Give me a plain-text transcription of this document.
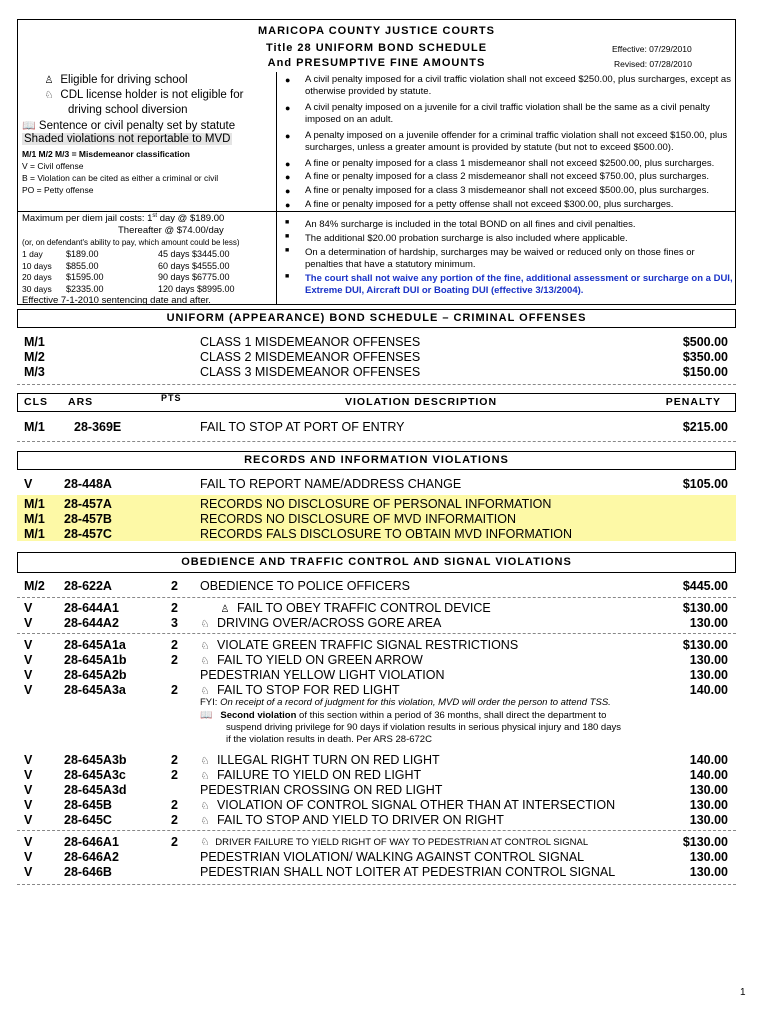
MARICOPA COUNTY JUSTICE COURTS
Title 28 UNIFORM BOND SCHEDULE
And PRESUMPTIVE FINE AMOUNTS
Effective: 07/29/2010
Revised: 07/28/2010
♙ Eligible for driving school
♘ CDL license holder is not eligible for
driving school diversion
📖 Sentence or civil penalty set by statute
Shaded violations not reportable to MVD
M/1 M/2 M/3 = Misdemeanor classification
V = Civil offense
B = Violation can be cited as either a criminal or civil
PO = Petty offense
Maximum per diem jail costs: 1st day @ $189.00
Thereafter @ $74.00/day
(or, on defendant's ability to pay, which amount could be less)
1 day	$189.00	45 days $3445.00
10 days $855.00	60 days $4555.00
20 days $1595.00	90 days $6775.00
30 days $2335.00	120 days $8995.00
Effective 7-1-2010 sentencing date and after.
● A civil penalty imposed for a civil traffic violation shall not exceed $250.00, plus surcharges, except as otherwise provided by statute.
● A civil penalty imposed on a juvenile for a civil traffic violation shall be the same as a civil penalty imposed on an adult.
● A penalty imposed on a juvenile offender for a criminal traffic violation shall not exceed $150.00, plus surcharges, unless a greater amount is provided by statute (but not to exceed $500.00).
● A fine or penalty imposed for a class 1 misdemeanor shall not exceed $2500.00, plus surcharges.
● A fine or penalty imposed for a class 2 misdemeanor shall not exceed $750.00, plus surcharges.
● A fine or penalty imposed for a class 3 misdemeanor shall not exceed $500.00, plus surcharges.
● A fine or penalty imposed for a petty offense shall not exceed $300.00, plus surcharges.
■ An 84% surcharge is included in the total BOND on all fines and civil penalties.
■ The additional $20.00 probation surcharge is also included where applicable.
■ On a determination of hardship, surcharges may be waived or reduced only on those fines or penalties that have a statutory minimum.
■ The court shall not waive any portion of the fine, additional assessment or surcharge on a DUI, Extreme DUI, Aircraft DUI or Boating DUI (effective 3/13/2004).
UNIFORM (APPEARANCE) BOND SCHEDULE – CRIMINAL OFFENSES
M/1	CLASS 1 MISDEMEANOR OFFENSES	$500.00
M/2	CLASS 2 MISDEMEANOR OFFENSES	$350.00
M/3	CLASS 3 MISDEMEANOR OFFENSES	$150.00
CLS ARS	PTS	VIOLATION DESCRIPTION	PENALTY
M/1 28-369E	FAIL TO STOP AT PORT OF ENTRY	$215.00
RECORDS AND INFORMATION VIOLATIONS
V	28-448A	FAIL TO REPORT NAME/ADDRESS CHANGE	$105.00
M/1 28-457A	RECORDS NO DISCLOSURE OF PERSONAL INFORMATION
M/1 28-457B	RECORDS NO DISCLOSURE OF MVD INFORMAITION
M/1 28-457C	RECORDS FALS DISCLOSURE TO OBTAIN MVD INFORMATION
OBEDIENCE AND TRAFFIC CONTROL AND SIGNAL VIOLATIONS
M/2 28-622A	2 OBEDIENCE TO POLICE OFFICERS	$445.00
V	28-644A1	2	♙ FAIL TO OBEY TRAFFIC CONTROL DEVICE	$130.00
V	28-644A2	3 ♘ DRIVING OVER/ACROSS GORE AREA	130.00
V	28-645A1a	2 ♘ VIOLATE GREEN TRAFFIC SIGNAL RESTRICTIONS	$130.00
V	28-645A1b	2 ♘ FAIL TO YIELD ON GREEN ARROW	130.00
V	28-645A2b	PEDESTRIAN YELLOW LIGHT VIOLATION	130.00
V	28-645A3a	2 ♘ FAIL TO STOP FOR RED LIGHT	140.00
FYI: On receipt of a record of judgment for this violation, MVD will order the person to attend TSS.
📖 Second violation of this section within a period of 36 months, shall direct the department to
suspend driving privilege for 90 days if violation results in serious physical injury and 180 days
if the violation results in death. Per ARS 28-672C
V	28-645A3b	2 ♘ ILLEGAL RIGHT TURN ON RED LIGHT	140.00
V	28-645A3c	2 ♘ FAILURE TO YIELD ON RED LIGHT	140.00
V	28-645A3d	PEDESTRIAN CROSSING ON RED LIGHT	130.00
V	28-645B	2 ♘ VIOLATION OF CONTROL SIGNAL OTHER THAN AT INTERSECTION	130.00
V	28-645C	2 ♘ FAIL TO STOP AND YIELD TO DRIVER ON RIGHT	130.00
V	28-646A1	2 ♘ DRIVER FAILURE TO YIELD RIGHT OF WAY TO PEDESTRIAN AT CONTROL SIGNAL	$130.00
V	28-646A2	PEDESTRIAN VIOLATION/ WALKING AGAINST CONTROL SIGNAL	130.00
V	28-646B	PEDESTRIAN SHALL NOT LOITER AT PEDESTRIAN CONTROL SIGNAL	130.00
1
